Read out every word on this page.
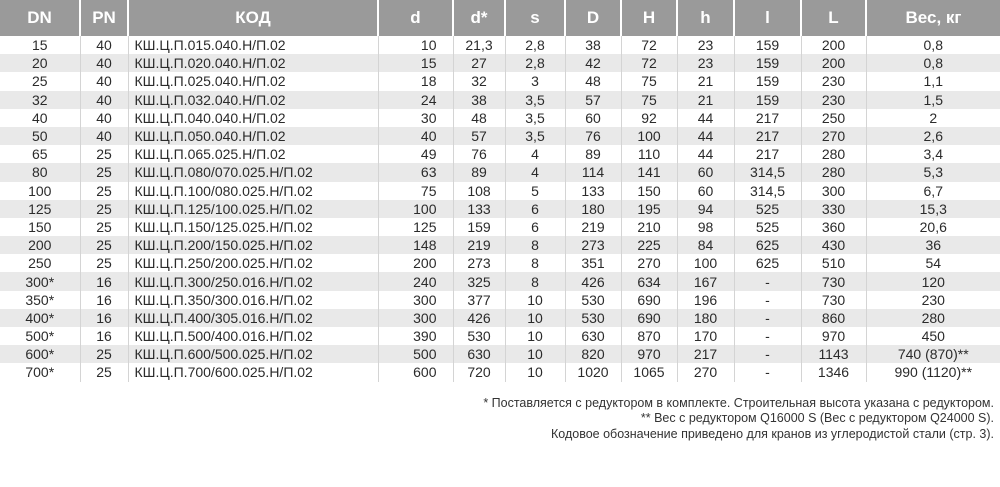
DN	PN	КОД	d	d*	s	D	H	h	l	L	Вес, кг
15	40	КШ.Ц.П.015.040.Н/П.02	10	21,3	2,8	38	72	23	159	200	0,8
20	40	КШ.Ц.П.020.040.Н/П.02	15	27	2,8	42	72	23	159	200	0,8
25	40	КШ.Ц.П.025.040.Н/П.02	18	32	3	48	75	21	159	230	1,1
32	40	КШ.Ц.П.032.040.Н/П.02	24	38	3,5	57	75	21	159	230	1,5
40	40	КШ.Ц.П.040.040.Н/П.02	30	48	3,5	60	92	44	217	250	2
50	40	КШ.Ц.П.050.040.Н/П.02	40	57	3,5	76	100	44	217	270	2,6
65	25	КШ.Ц.П.065.025.Н/П.02	49	76	4	89	110	44	217	280	3,4
80	25	КШ.Ц.П.080/070.025.Н/П.02	63	89	4	114	141	60	314,5	280	5,3
100	25	КШ.Ц.П.100/080.025.Н/П.02	75	108	5	133	150	60	314,5	300	6,7
125	25	КШ.Ц.П.125/100.025.Н/П.02	100	133	6	180	195	94	525	330	15,3
150	25	КШ.Ц.П.150/125.025.Н/П.02	125	159	6	219	210	98	525	360	20,6
200	25	КШ.Ц.П.200/150.025.Н/П.02	148	219	8	273	225	84	625	430	36
250	25	КШ.Ц.П.250/200.025.Н/П.02	200	273	8	351	270	100	625	510	54
300*	16	КШ.Ц.П.300/250.016.Н/П.02	240	325	8	426	634	167	-	730	120
350*	16	КШ.Ц.П.350/300.016.Н/П.02	300	377	10	530	690	196	-	730	230
400*	16	КШ.Ц.П.400/305.016.Н/П.02	300	426	10	530	690	180	-	860	280
500*	16	КШ.Ц.П.500/400.016.Н/П.02	390	530	10	630	870	170	-	970	450
600*	25	КШ.Ц.П.600/500.025.Н/П.02	500	630	10	820	970	217	-	1143	740 (870)**
700*	25	КШ.Ц.П.700/600.025.Н/П.02	600	720	10	1020	1065	270	-	1346	990 (1120)**
* Поставляется с редуктором в комплекте. Строительная высота указана с редуктором.
** Вес с редуктором Q16000 S (Вес с редуктором Q24000 S).
Кодовое обозначение приведено для кранов из углеродистой стали (стр. 3).
